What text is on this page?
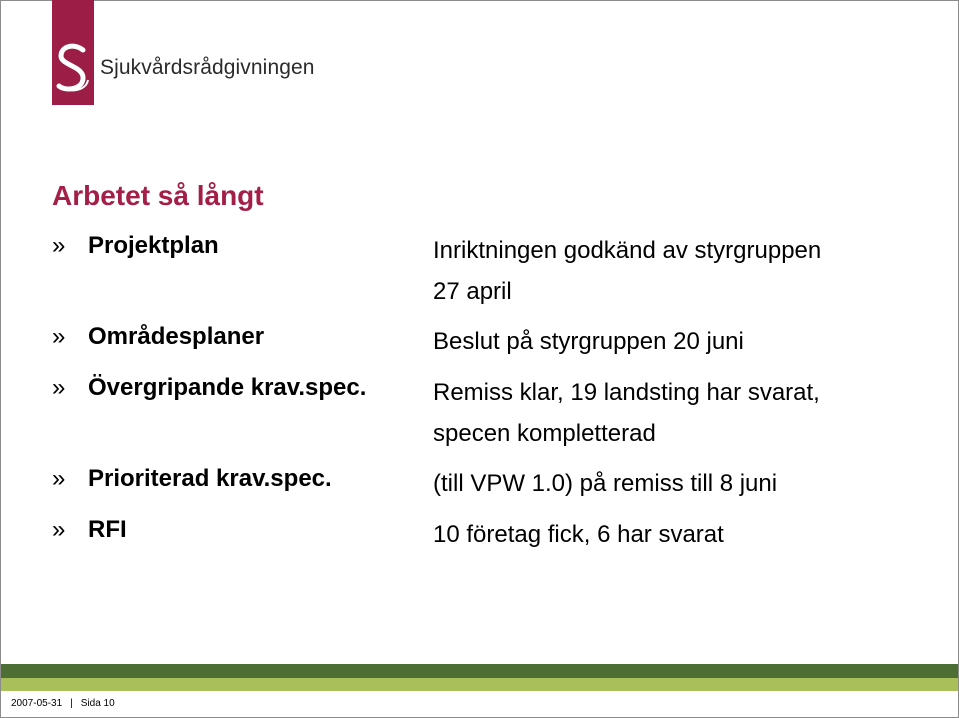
Sjukvårdsrådgivningen
Arbetet så långt
» Projektplan	Inriktningen godkänd av styrgruppen
27 april
» Områdesplaner	Beslut på styrgruppen 20 juni
» Övergripande krav.spec.	Remiss klar, 19 landsting har svarat,
specen kompletterad
» Prioriterad krav.spec.	(till VPW 1.0) på remiss till 8 juni
» RFI	10 företag fick, 6 har svarat
2007-05-31 | Sida 10
